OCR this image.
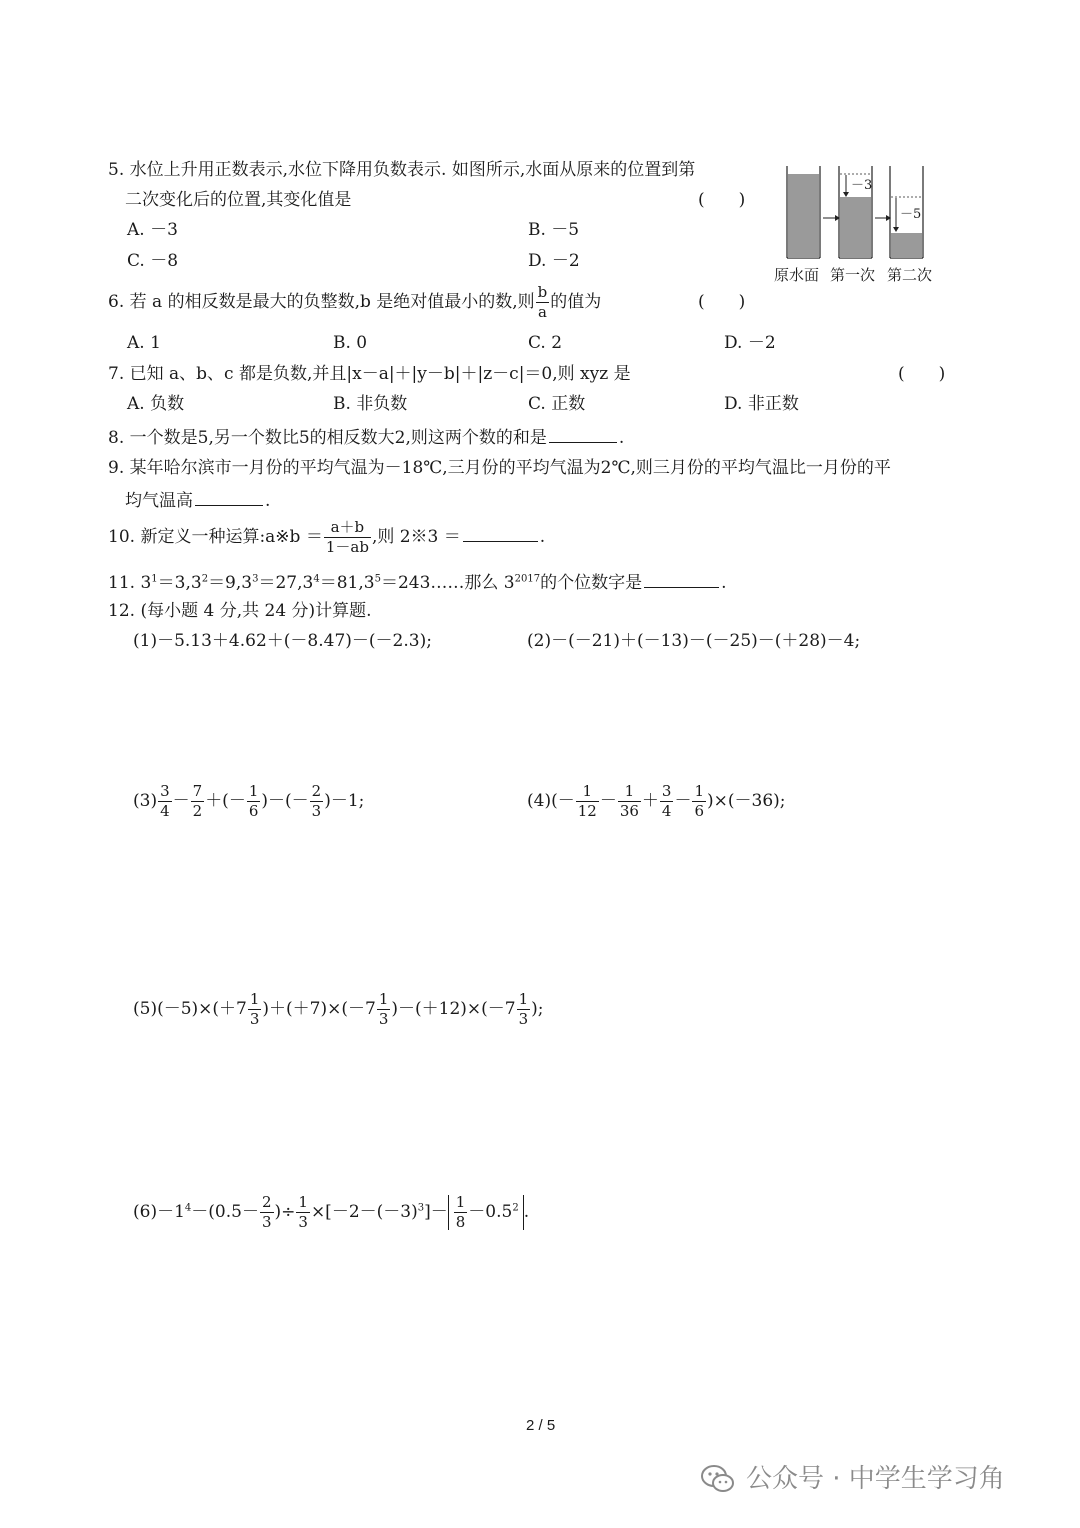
5. 水位上升用正数表示,水位下降用负数表示. 如图所示,水面从原来的位置到第
二次变化后的位置,其变化值是	(　　)
A. －3	B. －5
C. －8	D. －2
－3
－5
原水面 第一次 第二次
6. 若 a 的相反数是最大的负整数,b 是绝对值最小的数,则 $\frac{b}{a}$ 的值为	(　　)
A. 1	B. 0	C. 2	D. －2
7. 已知 a、b、c 都是负数,并且|x－a|＋|y－b|＋|z－c|＝0,则 xyz 是	(　　)
A. 负数	B. 非负数	C. 正数	D. 非正数
8. 一个数是5,另一个数比5的相反数大2,则这两个数的和是	.
9. 某年哈尔滨市一月份的平均气温为－18℃,三月份的平均气温为2℃,则三月份的平均气温比一月份的平
均气温高	.
10. 新定义一种运算:a※b ＝ $\frac{a+b}{1-ab}$ ,则 2※3 ＝	.
11. $3^1=3,3^2=9,3^3=27,3^4=81,3^5=243\dots\dots$那么 $3^{2017}$的个位数字是	.
12. (每小题 4 分,共 24 分)计算题.
(1)－5.13＋4.62＋(－8.47)－(－2.3);	(2)－(－21)＋(－13)－(－25)－(＋28)－4;
$(3) \frac{3}{4} - \frac{7}{2}$ ＋(－ $\frac{1}{6}$ )－(－ $\frac{2}{3} )-1$;	$(4)(- \frac{1}{12} - \frac{1}{36} + \frac{3}{4} - \frac{1}{6} )\times(-36)$;
$(5)(-5)\times(+7 \frac{1}{3} )+(+7)\times(-7 \frac{1}{3} )-(+12)\times(-7 \frac{1}{3}$ );
$(6)-1^4-(0.5- \frac{2}{3}$ )÷ $\frac{1}{3} \times[-2-(-3)^3]- \frac{1}{8} -0.5^2$ .
2 / 5
公众号 · 中学生学习角
